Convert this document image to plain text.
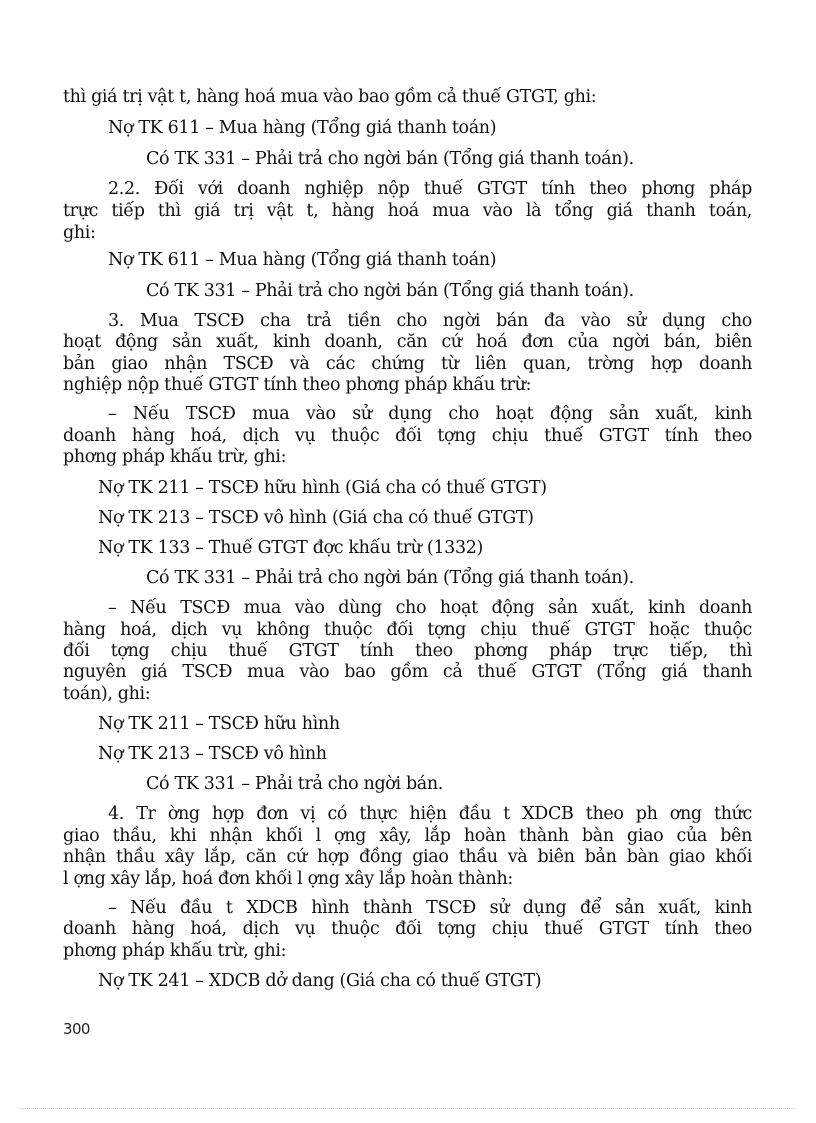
thì giá trị vật t, hàng hoá mua vào bao gồm cả thuế GTGT, ghi:
Nợ TK 611 – Mua hàng (Tổng giá thanh toán)
Có TK 331 – Phải trả cho ngời bán (Tổng giá thanh toán).
2.2. Đối với doanh nghiệp nộp thuế GTGT tính theo phơng pháp
trực tiếp thì giá trị vật t, hàng hoá mua vào là tổng giá thanh toán,
ghi:
Nợ TK 611 – Mua hàng (Tổng giá thanh toán)
Có TK 331 – Phải trả cho ngời bán (Tổng giá thanh toán).
3. Mua TSCĐ cha trả tiền cho ngời bán đa vào sử dụng cho
hoạt động sản xuất, kinh doanh, căn cứ hoá đơn của ngời bán, biên
bản giao nhận TSCĐ và các chứng từ liên quan, trờng hợp doanh
nghiệp nộp thuế GTGT tính theo phơng pháp khấu trừ:
– Nếu TSCĐ mua vào sử dụng cho hoạt động sản xuất, kinh
doanh hàng hoá, dịch vụ thuộc đối tợng chịu thuế GTGT tính theo
phơng pháp khấu trừ, ghi:
Nợ TK 211 – TSCĐ hữu hình (Giá cha có thuế GTGT)
Nợ TK 213 – TSCĐ vô hình (Giá cha có thuế GTGT)
Nợ TK 133 – Thuế GTGT đợc khấu trừ (1332)
Có TK 331 – Phải trả cho ngời bán (Tổng giá thanh toán).
– Nếu TSCĐ mua vào dùng cho hoạt động sản xuất, kinh doanh
hàng hoá, dịch vụ không thuộc đối tợng chịu thuế GTGT hoặc thuộc
đối tợng chịu thuế GTGT tính theo phơng pháp trực tiếp, thì
nguyên giá TSCĐ mua vào bao gồm cả thuế GTGT (Tổng giá thanh
toán), ghi:
Nợ TK 211 – TSCĐ hữu hình
Nợ TK 213 – TSCĐ vô hình
Có TK 331 – Phải trả cho ngời bán.
4. Tr ờng hợp đơn vị có thực hiện đầu t XDCB theo ph ơng thức
giao thầu, khi nhận khối l ợng xây, lắp hoàn thành bàn giao của bên
nhận thầu xây lắp, căn cứ hợp đồng giao thầu và biên bản bàn giao khối
l ợng xây lắp, hoá đơn khối l ợng xây lắp hoàn thành:
– Nếu đầu t XDCB hình thành TSCĐ sử dụng để sản xuất, kinh
doanh hàng hoá, dịch vụ thuộc đối tợng chịu thuế GTGT tính theo
phơng pháp khấu trừ, ghi:
Nợ TK 241 – XDCB dở dang (Giá cha có thuế GTGT)
300
